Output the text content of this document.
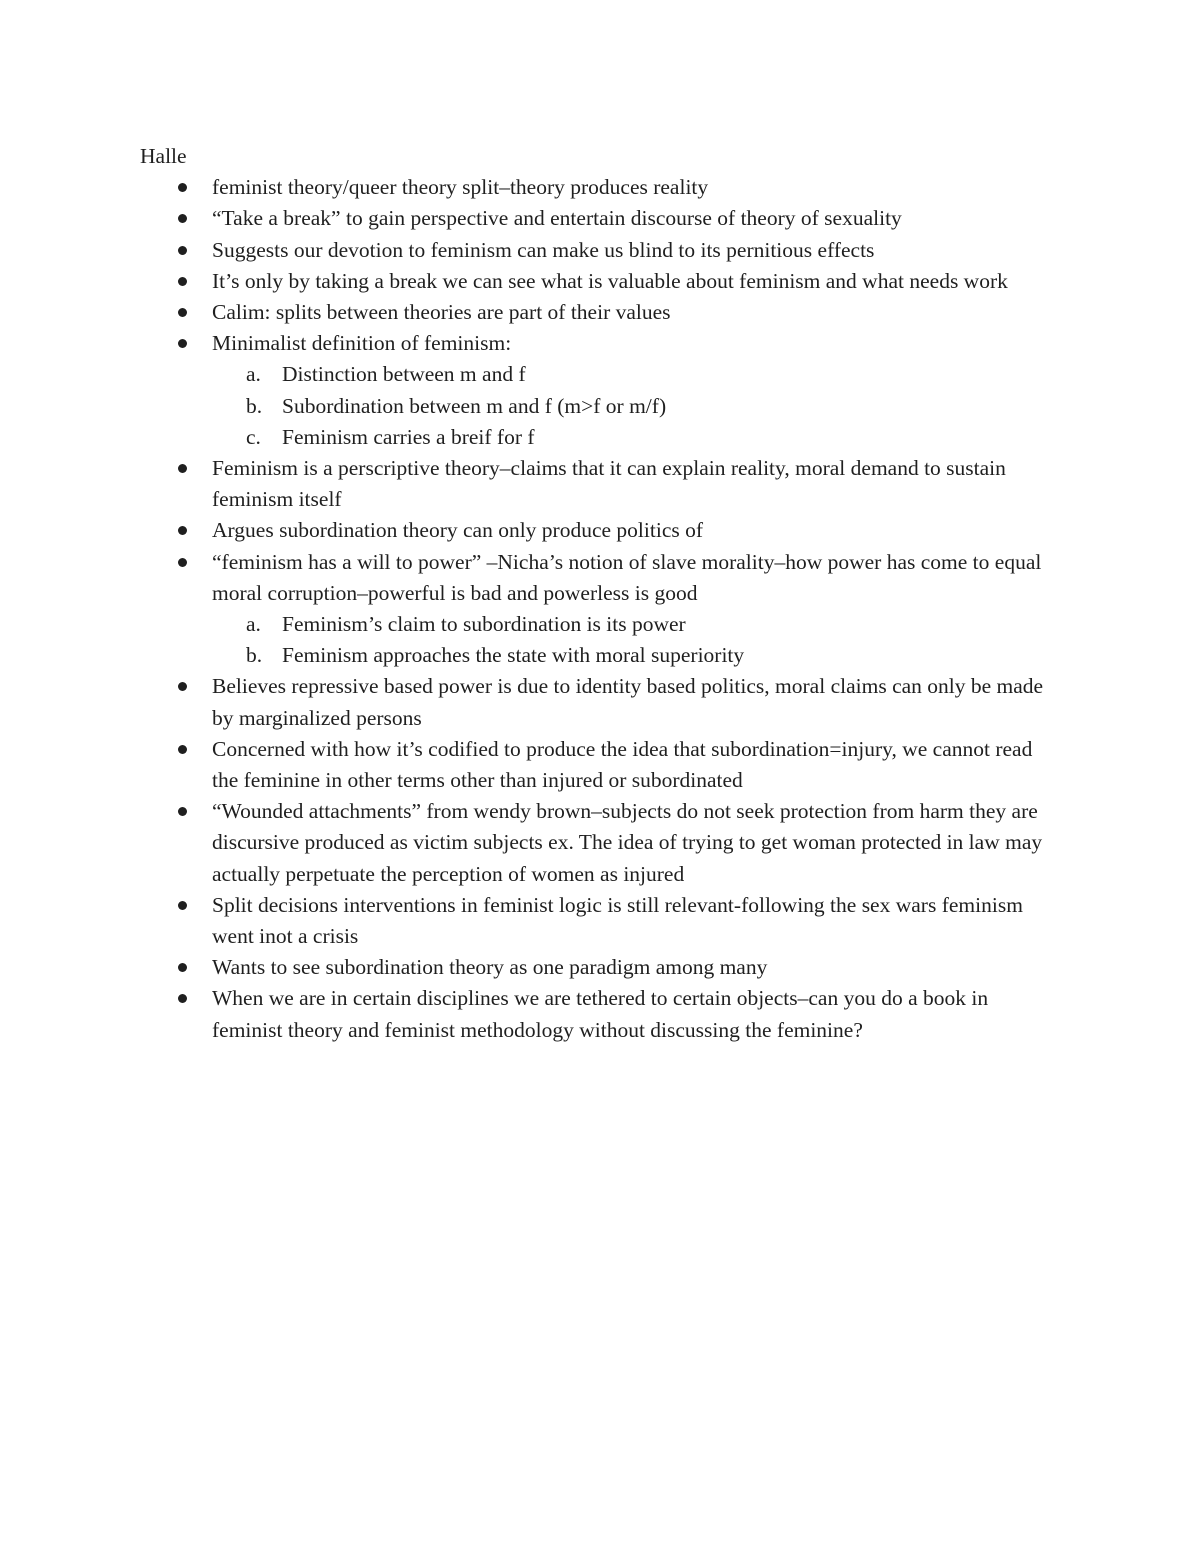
Halle
feminist theory/queer theory split–theory produces reality
“Take a break” to gain perspective and entertain discourse of theory of sexuality
Suggests our devotion to feminism can make us blind to its pernitious effects
It’s only by taking a break we can see what is valuable about feminism and what needs work
Calim: splits between theories are part of their values
Minimalist definition of feminism:
a. Distinction between m and f
b. Subordination between m and f (m>f or m/f)
c. Feminism carries a breif for f
Feminism is a perscriptive theory–claims that it can explain reality, moral demand to sustain feminism itself
Argues subordination theory can only produce politics of
“feminism has a will to power” –Nicha’s notion of slave morality–how power has come to equal moral corruption–powerful is bad and powerless is good
a. Feminism’s claim to subordination is its power
b. Feminism approaches the state with moral superiority
Believes repressive based power is due to identity based politics, moral claims can only be made by marginalized persons
Concerned with how it’s codified to produce the idea that subordination=injury, we cannot read the feminine in other terms other than injured or subordinated
“Wounded attachments” from wendy brown–subjects do not seek protection from harm they are discursive produced as victim subjects ex. The idea of trying to get woman protected in law may actually perpetuate the perception of women as injured
Split decisions interventions in feminist logic is still relevant-following the sex wars feminism went inot a crisis
Wants to see subordination theory as one paradigm among many
When we are in certain disciplines we are tethered to certain objects–can you do a book in feminist theory and feminist methodology without discussing the feminine?
